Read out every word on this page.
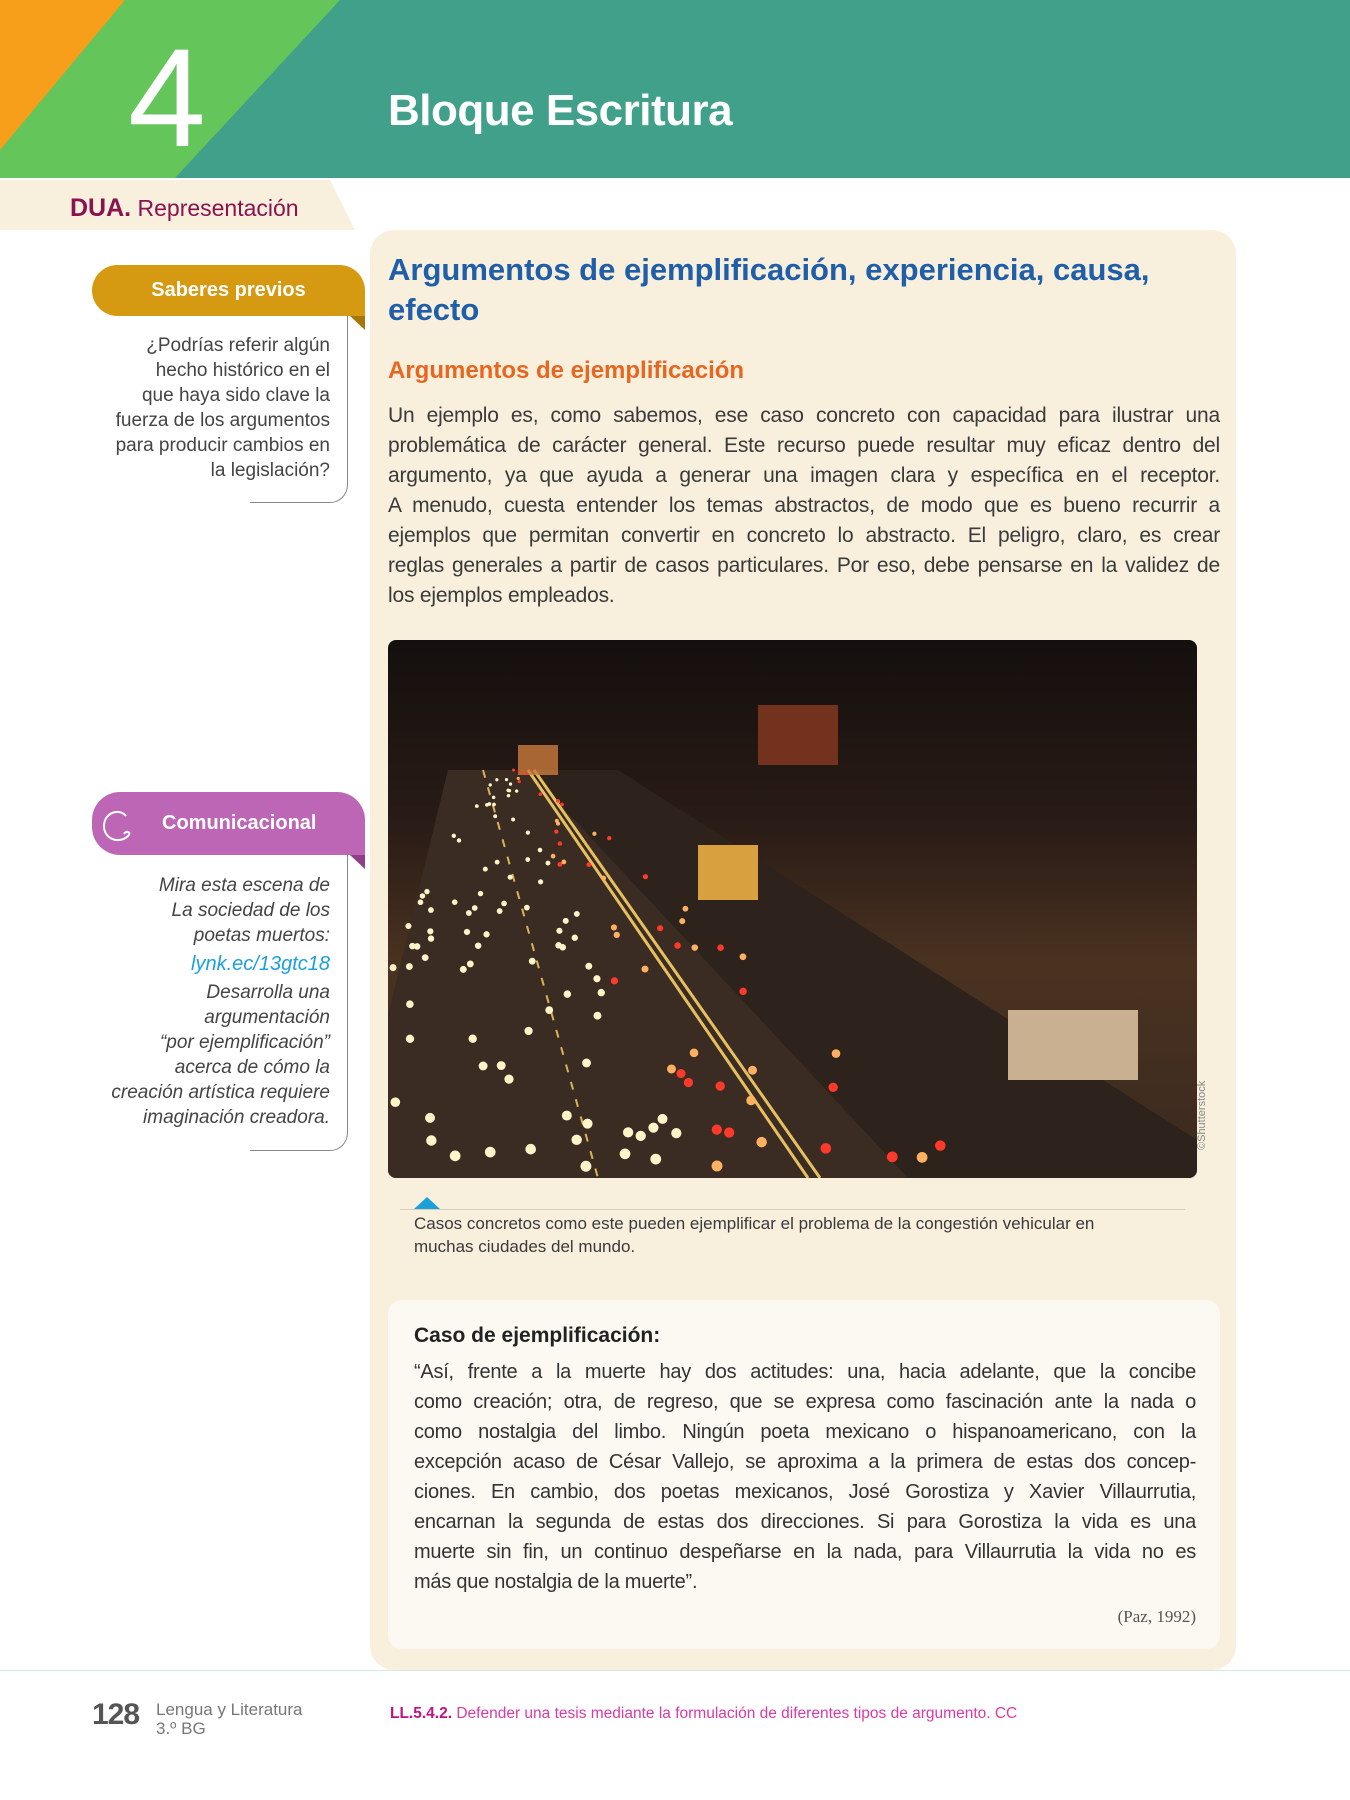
4	Bloque Escritura
DUA. Representación
Argumentos de ejemplificación, experiencia, causa, efecto
Argumentos de ejemplificación
Un ejemplo es, como sabemos, ese caso concreto con capacidad para ilustrar una
problemática de carácter general. Este recurso puede resultar muy eficaz dentro del
argumento, ya que ayuda a generar una imagen clara y específica en el receptor.
A menudo, cuesta entender los temas abstractos, de modo que es bueno recurrir a
ejemplos que permitan convertir en concreto lo abstracto. El peligro, claro, es crear
reglas generales a partir de casos particulares. Por eso, debe pensarse en la validez de
los ejemplos empleados.
©Shutterstock
Casos concretos como este pueden ejemplificar el problema de la congestión vehicular en
muchas ciudades del mundo.
Caso de ejemplificación:
“Así, frente a la muerte hay dos actitudes: una, hacia adelante, que la concibe
como creación; otra, de regreso, que se expresa como fascinación ante la nada o
como nostalgia del limbo. Ningún poeta mexicano o hispanoamericano, con la
excepción acaso de César Vallejo, se aproxima a la primera de estas dos concep-
ciones. En cambio, dos poetas mexicanos, José Gorostiza y Xavier Villaurrutia,
encarnan la segunda de estas dos direcciones. Si para Gorostiza la vida es una
muerte sin fin, un continuo despeñarse en la nada, para Villaurrutia la vida no es
más que nostalgia de la muerte”.
(Paz, 1992)
Saberes previos
¿Podrías referir algún
hecho histórico en el
que haya sido clave la
fuerza de los argumentos
para producir cambios en
la legislación?
Comunicacional
Mira esta escena de
La sociedad de los
poetas muertos:
lynk.ec/13gtc18
Desarrolla una
argumentación
“por ejemplificación”
acerca de cómo la
creación artística requiere
imaginación creadora.
128 Lengua y Literatura
3.º BG
LL.5.4.2. Defender una tesis mediante la formulación de diferentes tipos de argumento. CC
